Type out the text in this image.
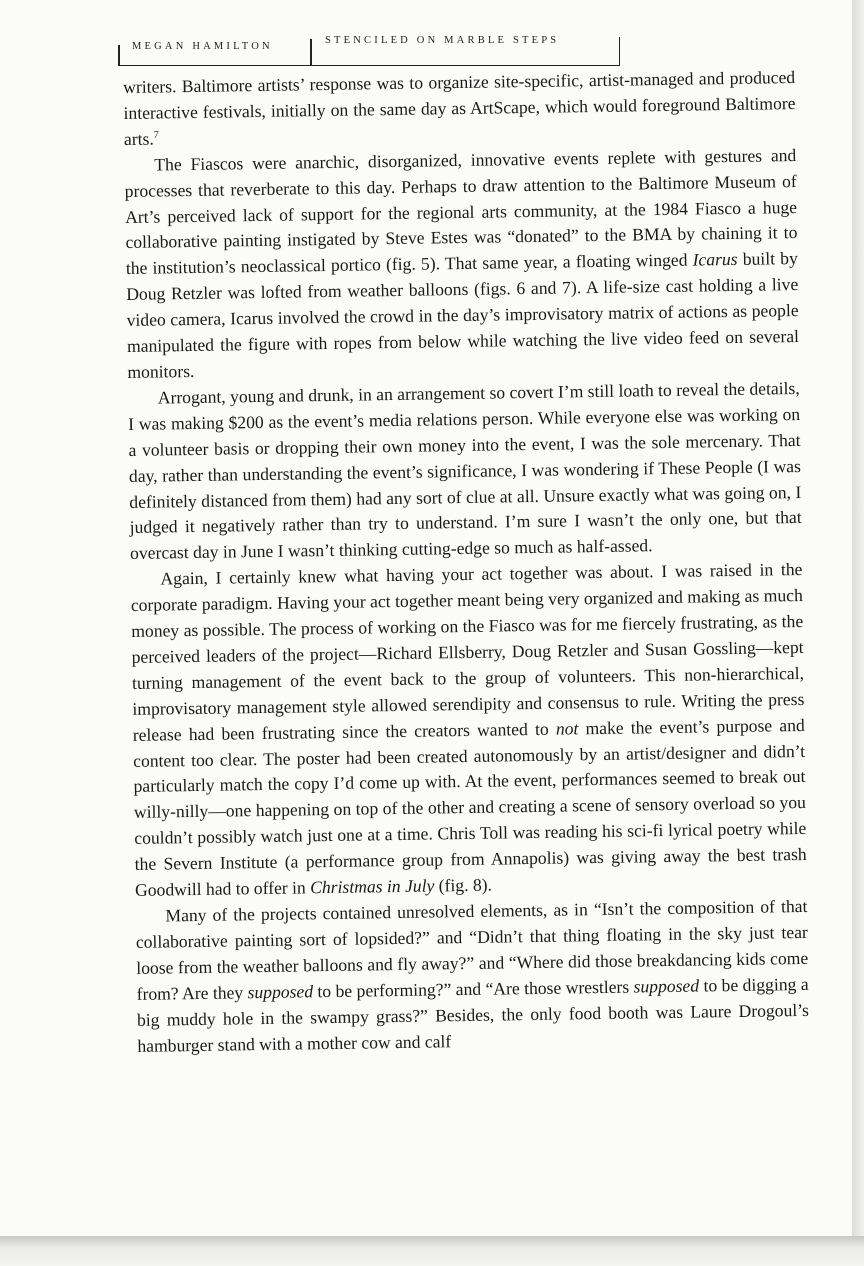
MEGAN HAMILTON
STENCILED ON MARBLE STEPS

writers. Baltimore artists’ response was to organize site-specific, artist-managed and produced interactive festivals, initially on the same day as ArtScape, which would foreground Baltimore arts.$^7$

The Fiascos were anarchic, disorganized, innovative events replete with gestures and processes that reverberate to this day. Perhaps to draw attention to the Baltimore Museum of Art’s perceived lack of support for the regional arts community, at the 1984 Fiasco a huge collaborative painting instigated by Steve Estes was “donated” to the BMA by chaining it to the institution’s neoclassical portico (fig. 5). That same year, a floating winged Icarus built by Doug Retzler was lofted from weather balloons (figs. 6 and 7). A life-size cast holding a live video camera, Icarus involved the crowd in the day’s improvisatory matrix of actions as people manipulated the figure with ropes from below while watching the live video feed on several monitors.

Arrogant, young and drunk, in an arrangement so covert I’m still loath to reveal the details, I was making $200 as the event’s media relations person. While everyone else was working on a volunteer basis or dropping their own money into the event, I was the sole mercenary. That day, rather than understanding the event’s significance, I was wondering if These People (I was definitely distanced from them) had any sort of clue at all. Unsure exactly what was going on, I judged it negatively rather than try to understand. I’m sure I wasn’t the only one, but that overcast day in June I wasn’t thinking cutting-edge so much as half-assed.

Again, I certainly knew what having your act together was about. I was raised in the corporate paradigm. Having your act together meant being very organized and making as much money as possible. The process of working on the Fiasco was for me fiercely frustrating, as the perceived leaders of the project—Richard Ellsberry, Doug Retzler and Susan Gossling—kept turning management of the event back to the group of volunteers. This non-hierarchical, improvisatory management style allowed serendipity and consensus to rule. Writing the press release had been frustrating since the creators wanted to not make the event’s purpose and content too clear. The poster had been created autonomously by an artist/designer and didn’t particularly match the copy I’d come up with. At the event, performances seemed to break out willy-nilly—one happening on top of the other and creating a scene of sensory overload so you couldn’t possibly watch just one at a time. Chris Toll was reading his sci-fi lyrical poetry while the Severn Institute (a performance group from Annapolis) was giving away the best trash Goodwill had to offer in Christmas in July (fig. 8).

Many of the projects contained unresolved elements, as in “Isn’t the composition of that collaborative painting sort of lopsided?” and “Didn’t that thing floating in the sky just tear loose from the weather balloons and fly away?” and “Where did those breakdancing kids come from? Are they supposed to be performing?” and “Are those wrestlers supposed to be digging a big muddy hole in the swampy grass?” Besides, the only food booth was Laure Drogoul’s hamburger stand with a mother cow and calf
